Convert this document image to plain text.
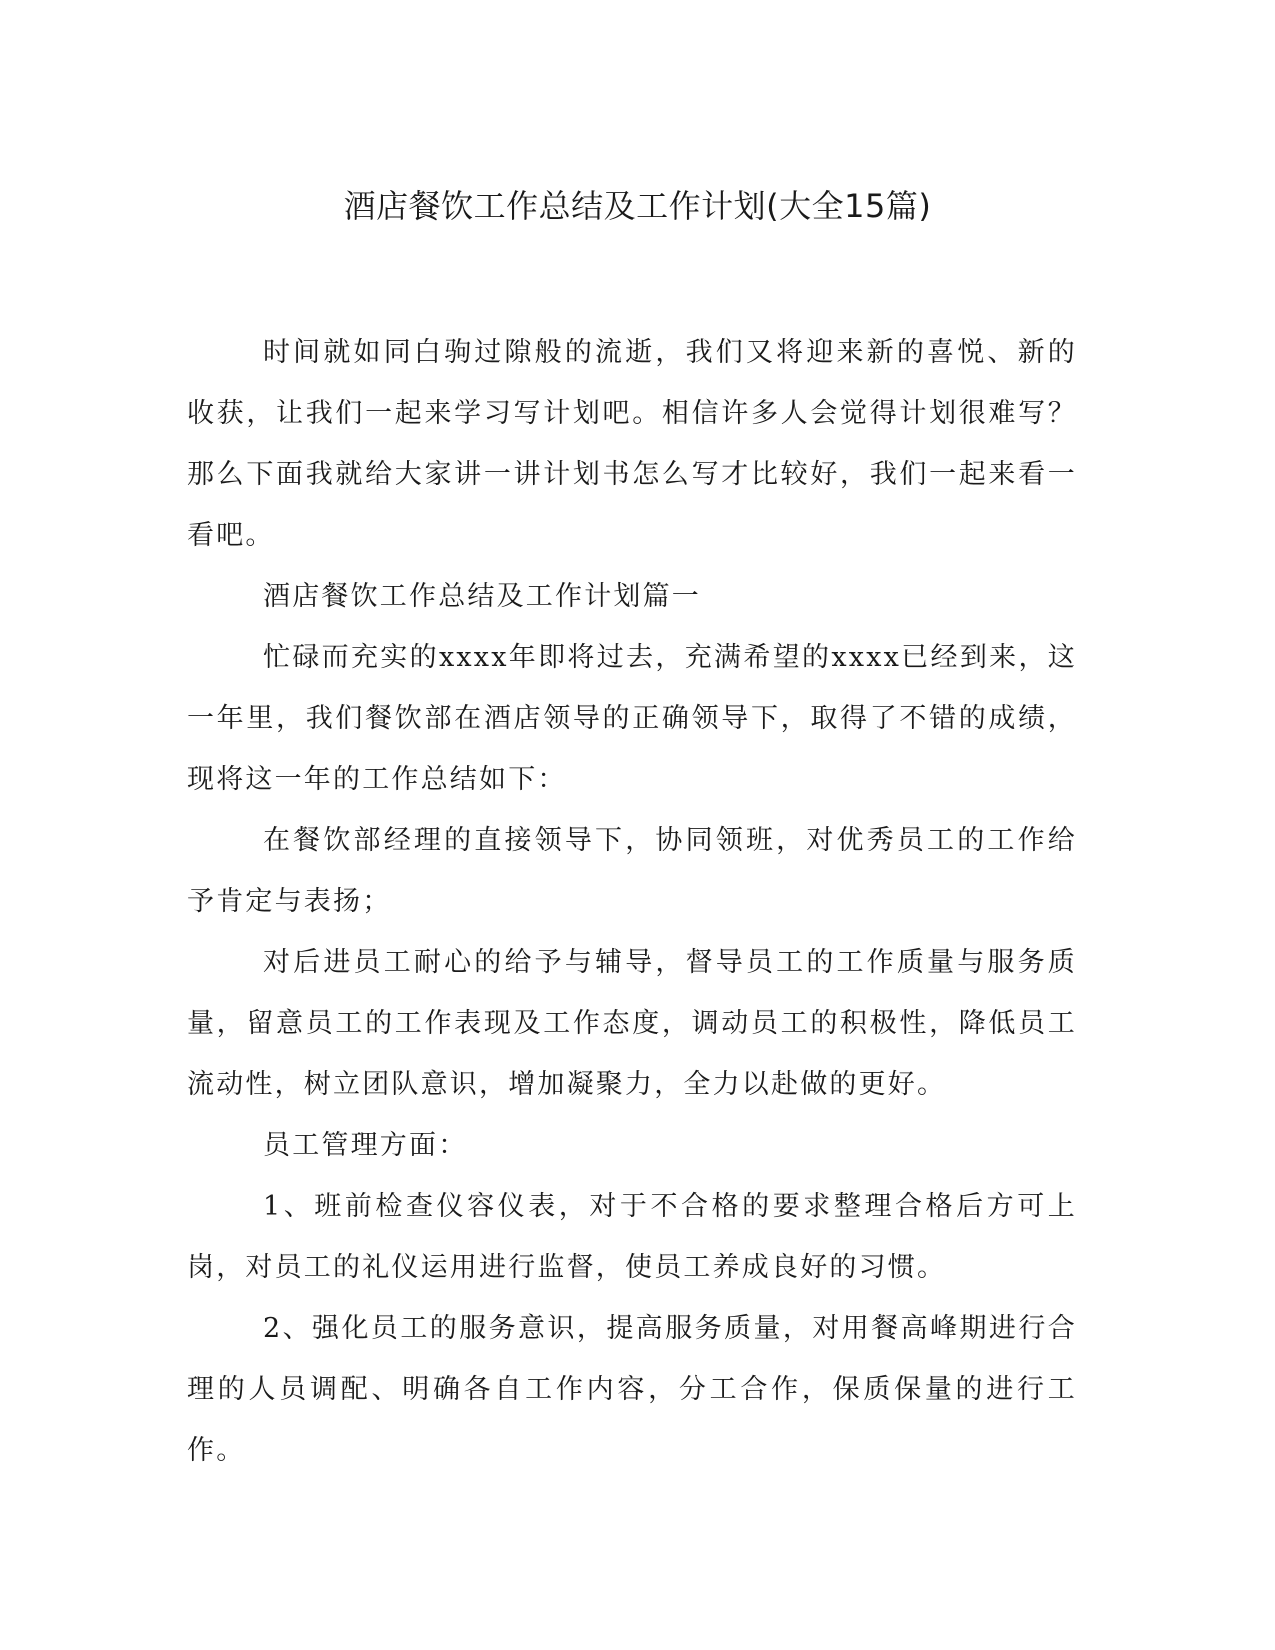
酒店餐饮工作总结及工作计划(大全15篇)

时间就如同白驹过隙般的流逝，我们又将迎来新的喜悦、新的收获，让我们一起来学习写计划吧。相信许多人会觉得计划很难写？那么下面我就给大家讲一讲计划书怎么写才比较好，我们一起来看一看吧。

酒店餐饮工作总结及工作计划篇一

忙碌而充实的xxxx年即将过去，充满希望的xxxx已经到来，这一年里，我们餐饮部在酒店领导的正确领导下，取得了不错的成绩，现将这一年的工作总结如下：

在餐饮部经理的直接领导下，协同领班，对优秀员工的工作给予肯定与表扬；

对后进员工耐心的给予与辅导，督导员工的工作质量与服务质量，留意员工的工作表现及工作态度，调动员工的积极性，降低员工流动性，树立团队意识，增加凝聚力，全力以赴做的更好。

员工管理方面：

1、班前检查仪容仪表，对于不合格的要求整理合格后方可上岗，对员工的礼仪运用进行监督，使员工养成良好的习惯。

2、强化员工的服务意识，提高服务质量，对用餐高峰期进行合理的人员调配、明确各自工作内容，分工合作，保质保量的进行工作。
